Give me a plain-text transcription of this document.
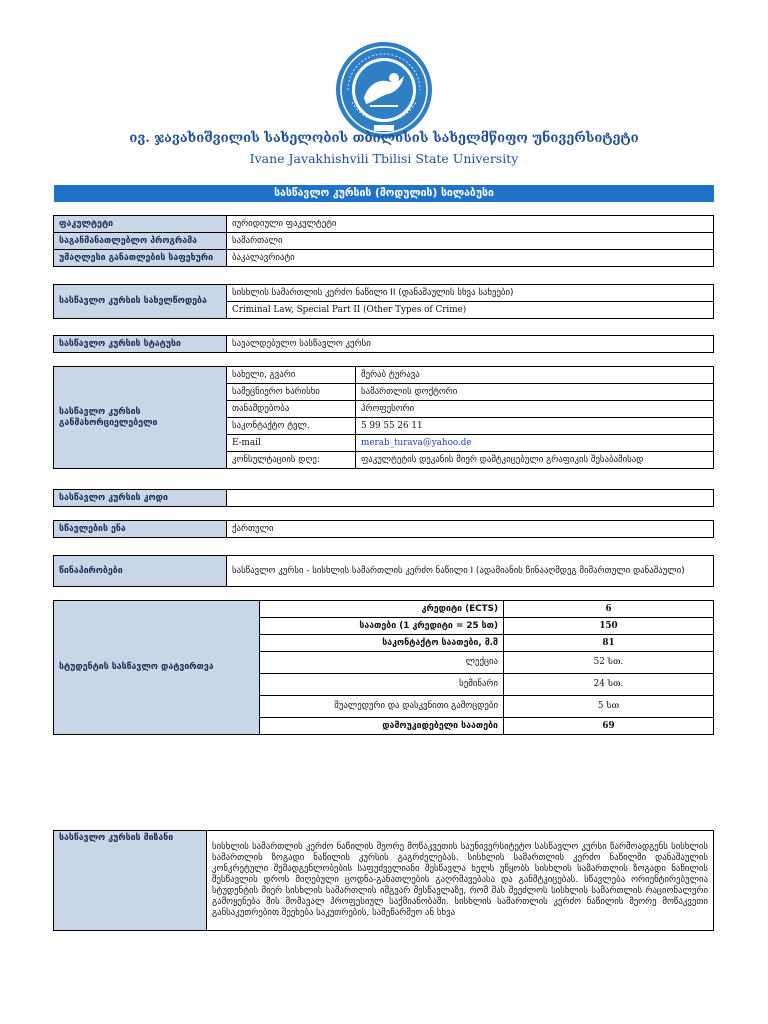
ივ. ჯავახიშვილის სახელობის თბილისის სახელმწიფო უნივერსიტეტი
Ivane Javakhishvili Tbilisi State University
სასწავლო კურსის (მოდულის) სილაბუსი
ფაკულტეტი	იურიდიული ფაკულტეტი
საგანმანათლებლო პროგრამა	სამართალი
უმაღლესი განათლების საფეხური	ბაკალავრიატი
სასწავლო კურსის სახელწოდება	სისხლის სამართლის კერძო ნაწილი II (დანაშაულის სხვა სახეები)
Criminal Law, Special Part II (Other Types of Crime)
სასწავლო კურსის სტატუსი	სავალდებულო სასწავლო კურსი
სასწავლო კურსის განმახორციელებელი	სახელი, გვარი	მერაბ ტურავა
	სამეცნიერო ხარისხი	სამართლის დოქტორი
	თანამდებობა	პროფესორი
	საკონტაქტო ტელ.	5 99 55 26 11
	E-mail	merab_turava@yahoo.de
	კონსულტაციის დღე:	ფაკულტეტის დეკანის მიერ დამტკიცებული გრაფიკის შესაბამისად
სასწავლო კურსის კოდი	
სწავლების ენა	ქართული
წინაპირობები	სასწავლო კურსი - სისხლის სამართლის კერძო ნაწილი I (ადამიანის წინააღმდეგ მიმართული დანაშაული)
სტუდენტის სასწავლო დატვირთვა	კრედიტი (ECTS)	6
	საათები (1 კრედიტი = 25 სთ)	150
	საკონტაქტო საათები, მ.შ	81
	ლექცია	52 სთ.
	სემინარი	24 სთ.
	შუალედური და დასკვნითი გამოცდები	5 სთ
	დამოუკიდებელი საათები	69
სასწავლო კურსის მიზანი	სისხლის სამართლის კერძო ნაწილის მეორე მოწაკვეთის საუნივერსიტეტო სასწავლო კურსი წარმოადგენს სისხლის სამართლის ზოგადი ნაწილის კურსის გაგრძელებას. სისხლის სამართლის კერძო ნაწილში დანაშაულის კონკრეტული შემადგენლობების საფუძველიანი შესწავლა ხელს უწყობს სისხლის სამართლის ზოგადი ნაწილის შესწავლის დროს მიღებული ცოდნა-განათლების გაღრმავებასა და განმტკიცებას. სწავლება ორიენტირებულია სტუდენტის მიერ სისხლის სამართლის იმგვარ შესწავლაზე, რომ მას შეეძლოს სისხლის სამართლის რაციონალური გამოყენება მის მომავალ პროფესიულ საქმიანობაში. სისხლის სამართლის კერძო ნაწილის მეორე მოწაკვეთი განსაკუთრებით შეეხება საკუთრების, სამეწარმეო ან სხვა
